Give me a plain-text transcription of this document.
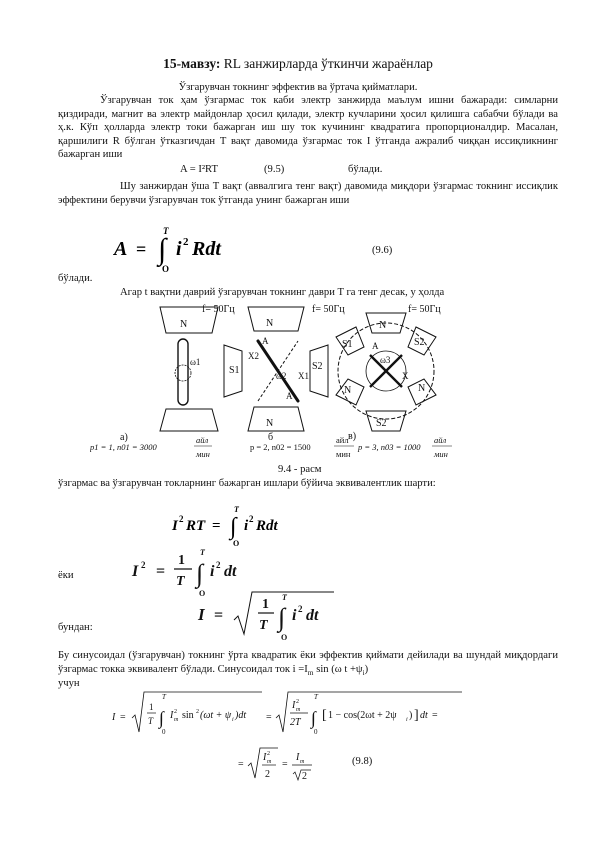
15-мавзу: RL занжирларда ўткинчи жараёнлар
Ўзгарувчан токнинг эффектив ва ўртача қийматлари.
Ўзгарувчан ток ҳам ўзгармас ток каби электр занжирда маълум ишни бажаради: симларни қиздиради, магнит ва электр майдонлар ҳосил қилади, электр кучларини ҳосил қилишга сабабчи бўлади ва ҳ.к. Кўп ҳолларда электр токи бажарган иш шу ток кучининг квадратига пропорционалдир. Масалан, қаршилиги R бўлган ўтказгичдан T вақт давомида ўзгармас ток I ўтганда ажралиб чиққан иссиқликнинг бажарган иши
A = I²RT	(9.5)	бўлади.
Шу занжирдан ўша T вақт (аввалгига тенг вақт) давомида миқдори ўзгармас токнинг иссиқлик эффектини берувчи ўзгарувчан ток ўтганда унинг бажарган иши
A = ∫
T
O
i 2 Rdt	(9.6)
бўлади.
Агар t вақтни даврий ўзгарувчан токнинг даври T га тенг десак, у ҳолда
f= 50Гц	f= 50Гц	f= 50Гц
N
ω1
а)
N
S1	S2
N
A
A
X2
X1
ω2
б
N
S1	S2
N	N
S2
A
ω3
X
в)
p1 = 1, n01 = 3000
айл
мин
p = 2, n02 = 1500
айл
мин
p = 3, n03 = 1000
айл
мин
9.4 - расм
ўзгармас ва ўзгарувчан токларнинг бажарган ишлари бўйича эквивалентлик шарти:
I 2 RT = ∫
T
O
i 2 Rdt
ёки	I 2 =
1
T ∫
T
O
i 2 dt
бундан:
I =
1
T ∫
T
O
i 2 dt
Бу синусоидал (ўзгарувчан) токнинг ўрта квадратик ёки эффектив қиймати дейилади ва шундай миқдордаги ўзгармас токка эквивалент бўлади. Синусоидал ток $i =I_m$ sin (ω $t +\psi_i$)
учун
I =
1
T ∫
T
0
I 2
m sin 2 (ωt + ψ i )dt =
I 2
m
2T ∫
T
0
[ 1 − cos(2ωt + 2ψ i ) ] dt =
=
I 2
m
2
=
I m
2
(9.8)
